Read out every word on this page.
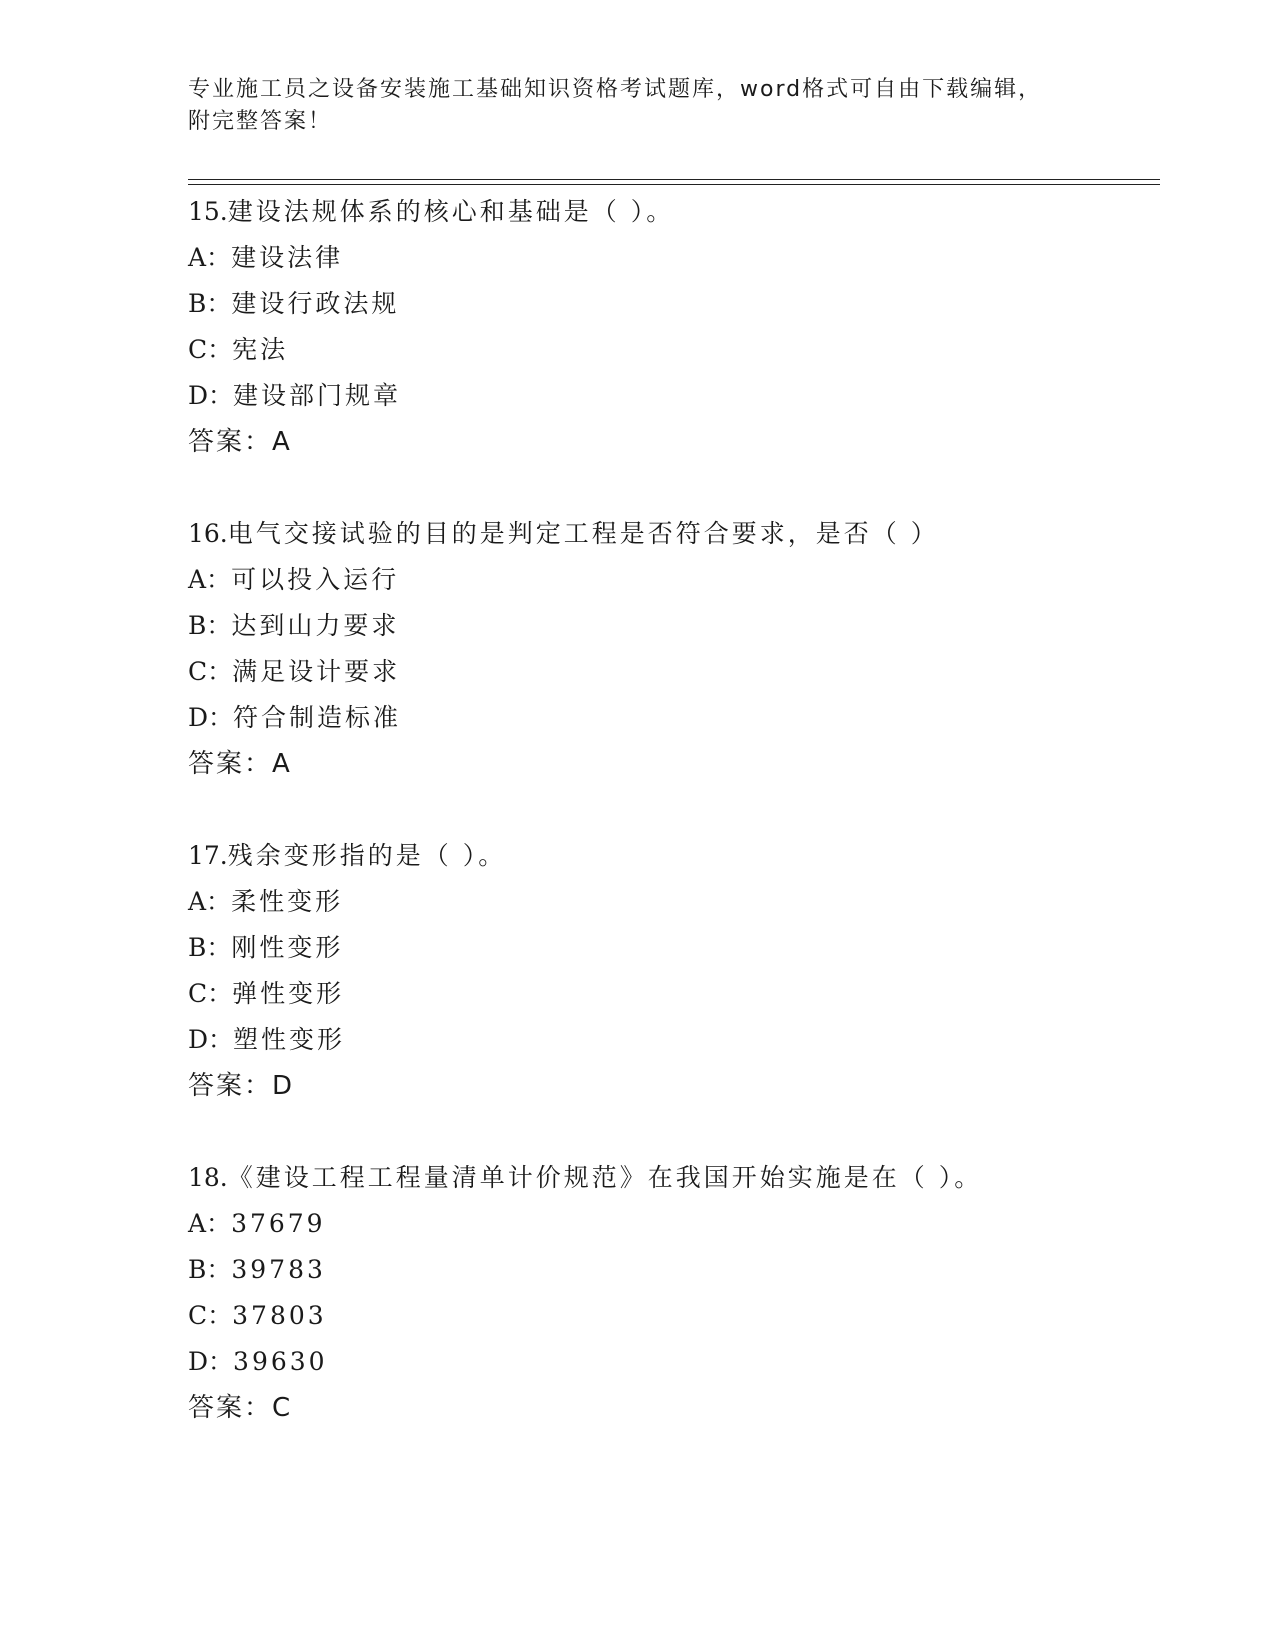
专业施工员之设备安装施工基础知识资格考试题库，word格式可自由下载编辑，
附完整答案！
15.建设法规体系的核心和基础是（ ）。
A：建设法律
B：建设行政法规
C：宪法
D：建设部门规章
答案：A
16.电气交接试验的目的是判定工程是否符合要求，是否（ ）
A：可以投入运行
B：达到山力要求
C：满足设计要求
D：符合制造标准
答案：A
17.残余变形指的是（ ）。
A：柔性变形
B：刚性变形
C：弹性变形
D：塑性变形
答案：D
18.《建设工程工程量清单计价规范》在我国开始实施是在（ ）。
A：37679
B：39783
C：37803
D：39630
答案：C
